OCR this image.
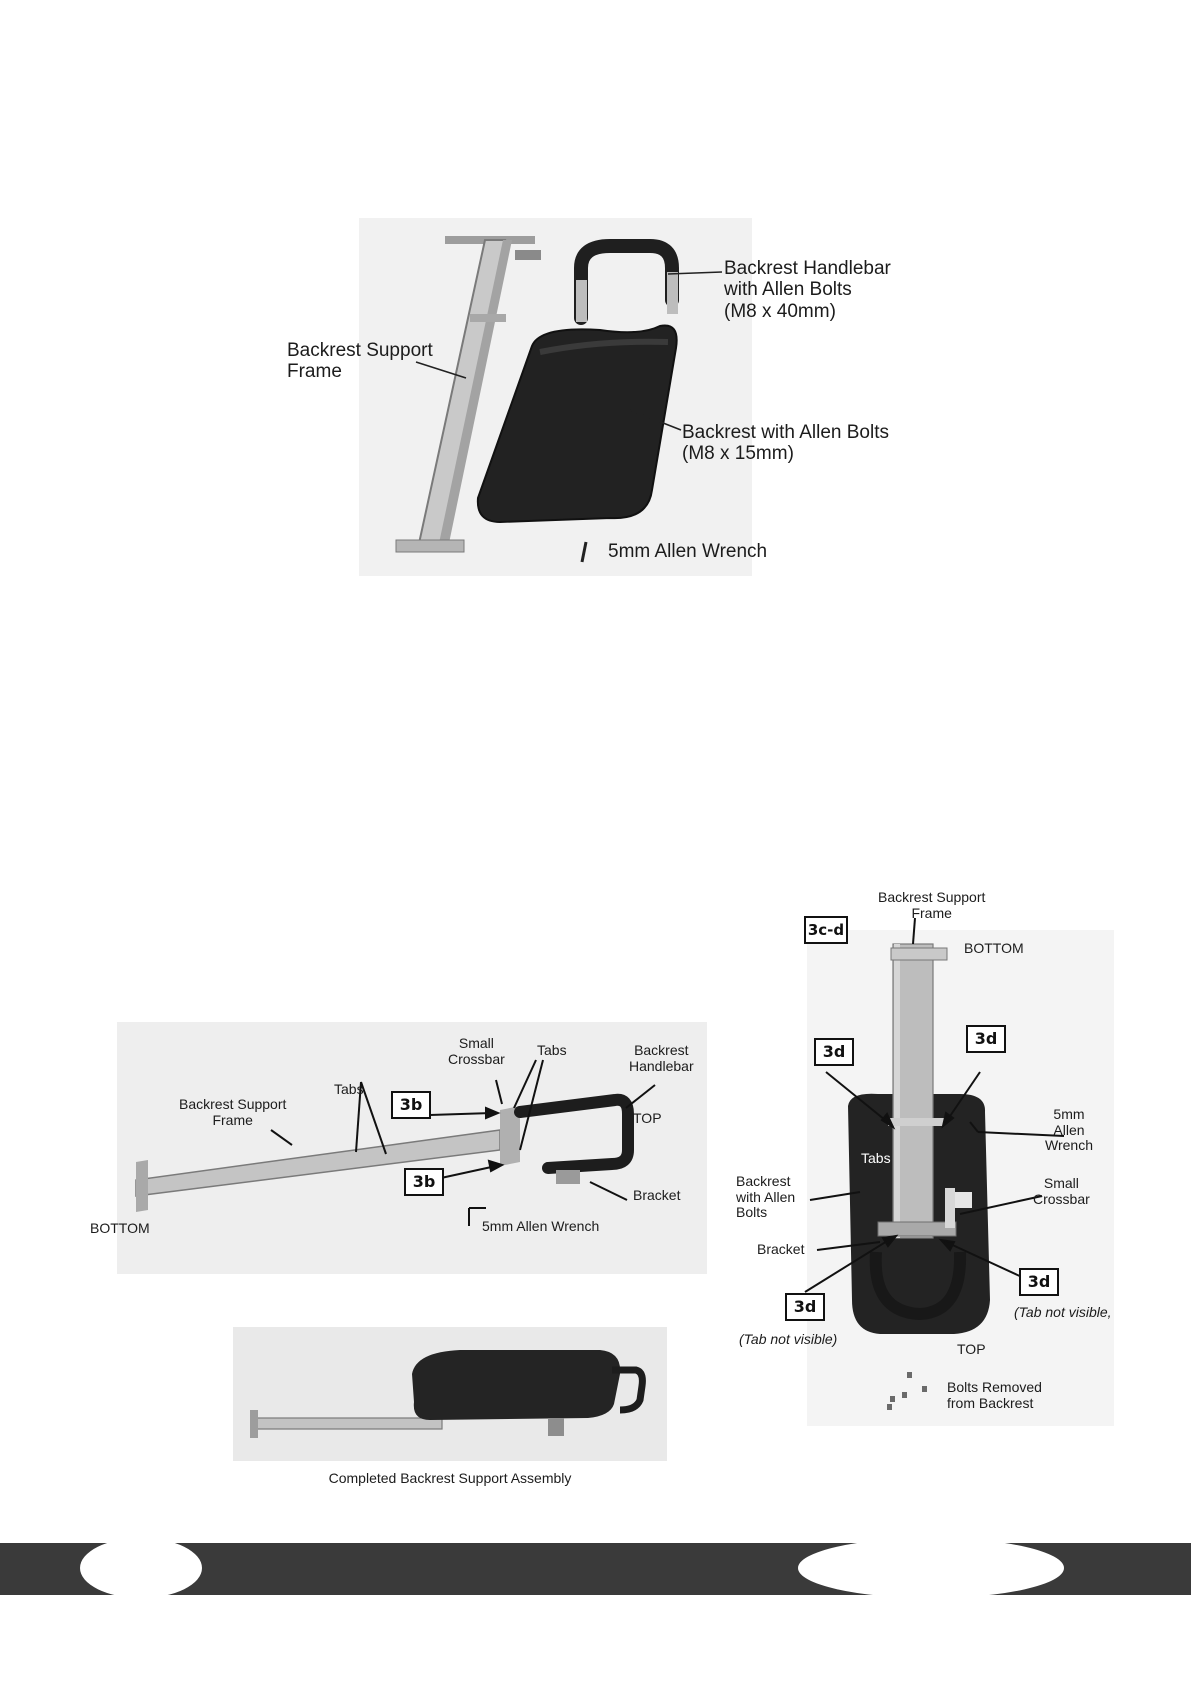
Backrest Handlebar
with Allen Bolts
(M8 x 40mm)
Backrest Support
Frame
Backrest with Allen Bolts
(M8 x 15mm)
5mm Allen Wrench
Small
Crossbar
Tabs	Backrest
Handlebar
Tabs
Backrest Support
Frame
3b
TOP
3b
Bracket
BOTTOM	5mm Allen Wrench
Completed Backrest Support Assembly
Backrest Support
Frame
3c-d
BOTTOM
3d
3d
5mm
Allen
Wrench
Tabs
Backrest
with Allen
Bolts
Small
Crossbar
Bracket
3d
3d	(Tab not visible,
(Tab not visible)
TOP
Bolts Removed
from Backrest
